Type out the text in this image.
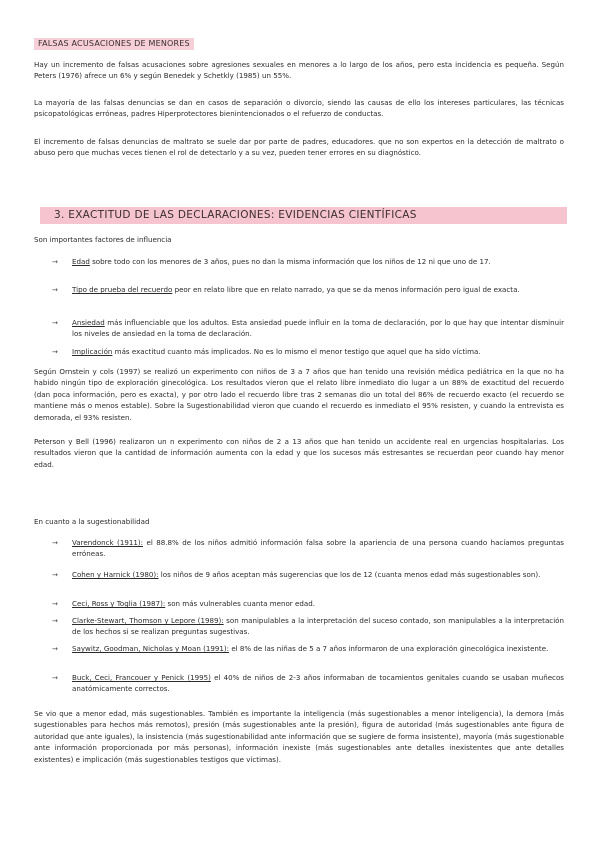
FALSAS ACUSACIONES DE MENORES

Hay un incremento de falsas acusaciones sobre agresiones sexuales en menores a lo largo de los años, pero esta incidencia es pequeña. Según Peters (1976) afrece un 6% y según Benedek y Schetkly (1985) un 55%.

La mayoría de las falsas denuncias se dan en casos de separación o divorcio, siendo las causas de ello los intereses particulares, las técnicas psicopatológicas erróneas, padres Hiperprotectores bienintencionados o el refuerzo de conductas.

El incremento de falsas denuncias de maltrato se suele dar por parte de padres, educadores. que no son expertos en la detección de maltrato o abuso pero que muchas veces tienen el rol de detectarlo y a su vez, pueden tener errores en su diagnóstico.

3. EXACTITUD DE LAS DECLARACIONES: EVIDENCIAS CIENTÍFICAS

Son importantes factores de influencia

→ Edad sobre todo con los menores de 3 años, pues no dan la misma información que los niños de 12 ni que uno de 17.
→ Tipo de prueba del recuerdo peor en relato libre que en relato narrado, ya que se da menos información pero igual de exacta.
→ Ansiedad más influenciable que los adultos. Esta ansiedad puede influir en la toma de declaración, por lo que hay que intentar disminuir los niveles de ansiedad en la toma de declaración.
→ Implicación más exactitud cuanto más implicados. No es lo mismo el menor testigo que aquel que ha sido víctima.

Según Ornstein y cols (1997) se realizó un experimento con niños de 3 a 7 años que han tenido una revisión médica pediátrica en la que no ha habido ningún tipo de exploración ginecológica. Los resultados vieron que el relato libre inmediato dio lugar a un 88% de exactitud del recuerdo (dan poca información, pero es exacta), y por otro lado el recuerdo libre tras 2 semanas dio un total del 86% de recuerdo exacto (el recuerdo se mantiene más o menos estable). Sobre la Sugestionabilidad vieron que cuando el recuerdo es inmediato el 95% resisten, y cuando la entrevista es demorada, el 93% resisten.

Peterson y Bell (1996) realizaron un n experimento con niños de 2 a 13 años que han tenido un accidente real en urgencias hospitalarias. Los resultados vieron que la cantidad de información aumenta con la edad y que los sucesos más estresantes se recuerdan peor cuando hay menor edad.

En cuanto a la sugestionabilidad

→ Varendonck (1911): el 88.8% de los niños admitió información falsa sobre la apariencia de una persona cuando hacíamos preguntas erróneas.
→ Cohen y Harnick (1980): los niños de 9 años aceptan más sugerencias que los de 12 (cuanta menos edad más sugestionables son).
→ Ceci, Ross y Toglia (1987): son más vulnerables cuanta menor edad.
→ Clarke-Stewart, Thomson y Lepore (1989): son manipulables a la interpretación del suceso contado, son manipulables a la interpretación de los hechos si se realizan preguntas sugestivas.
→ Saywitz, Goodman, Nicholas y Moan (1991): el 8% de las niñas de 5 a 7 años informaron de una exploración ginecológica inexistente.
→ Buck, Ceci, Francouer y Penick (1995) el 40% de niños de 2-3 años informaban de tocamientos genitales cuando se usaban muñecos anatómicamente correctos.

Se vio que a menor edad, más sugestionables. También es importante la inteligencia (más sugestionables a menor inteligencia), la demora (más sugestionables para hechos más remotos), presión (más sugestionables ante la presión), figura de autoridad (más sugestionables ante figura de autoridad que ante iguales), la insistencia (más sugestionabilidad ante información que se sugiere de forma insistente), mayoría (más sugestionable ante información proporcionada por más personas), información inexiste (más sugestionables ante detalles inexistentes que ante detalles existentes) e implicación (más sugestionables testigos que víctimas).
